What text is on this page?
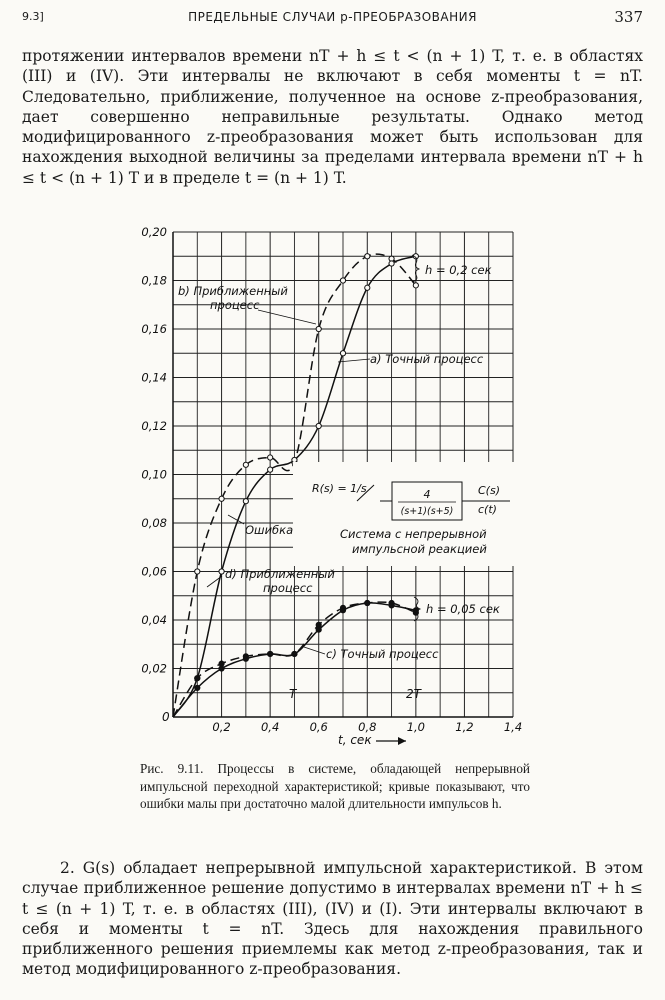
9.3]	ПРЕДЕЛЬНЫЕ СЛУЧАИ p-ПРЕОБРАЗОВАНИЯ	337

протяжении интервалов времени nT + h ≤ t < (n + 1) T, т. е. в областях (III) и (IV). Эти интервалы не включают в себя моменты t = nT. Следовательно, приближение, полученное на основе z-преобразования, дает совершенно неправильные результаты. Однако метод модифицированного z-преобразования может быть использован для нахождения выходной величины за пределами интервала времени nT + h ≤ t < (n + 1) T и в пределе t = (n + 1) T.

0,2	0,4	0,6	0,8	1,0	1,2	1,4
0,02
0,04
0,06
0,08
0,10
0,12
0,14
0,16
0,18
0,20
R(s) = 1/s	4
(s+1)(s+5)
C(s)
c(t)
Система с непрерывной
импульсной реакцией
b) Приближенный
процесс
a) Точный процесс
h = 0,2 сек
Ошибка
d) Приближенный
процесс
h = 0,05 сек
c) Точный процесс
T	2T
0
t, сек

Рис. 9.11. Процессы в системе, обладающей непрерывной импульсной переходной характеристикой; кривые показывают, что ошибки малы при достаточно малой длительности импульсов h.

2. G(s) обладает непрерывной импульсной характеристикой. В этом случае приближенное решение допустимо в интервалах времени nT + h ≤ t ≤ (n + 1) T, т. е. в областях (III), (IV) и (I). Эти интервалы включают в себя и моменты t = nT. Здесь для нахождения правильного приближенного решения приемлемы как метод z-преобразования, так и метод модифицированного z-преобразования.
